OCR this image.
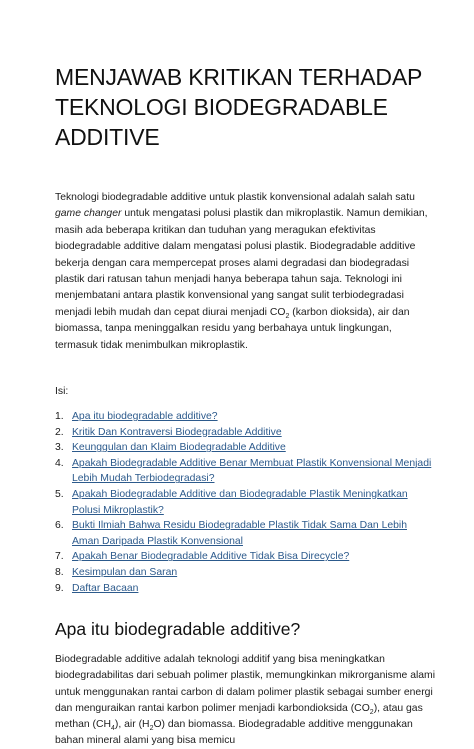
MENJAWAB KRITIKAN TERHADAP
TEKNOLOGI BIODEGRADABLE ADDITIVE

Teknologi biodegradable additive untuk plastik konvensional adalah salah satu game changer untuk mengatasi polusi plastik dan mikroplastik. Namun demikian, masih ada beberapa kritikan dan tuduhan yang meragukan efektivitas biodegradable additive dalam mengatasi polusi plastik. Biodegradable additive bekerja dengan cara mempercepat proses alami degradasi dan biodegradasi plastik dari ratusan tahun menjadi hanya beberapa tahun saja. Teknologi ini menjembatani antara plastik konvensional yang sangat sulit terbiodegradasi menjadi lebih mudah dan cepat diurai menjadi $CO_2$ (karbon dioksida), air dan biomassa, tanpa meninggalkan residu yang berbahaya untuk lingkungan, termasuk tidak menimbulkan mikroplastik.

Isi:
1. Apa itu biodegradable additive?
2. Kritik Dan Kontraversi Biodegradable Additive
3. Keunggulan dan Klaim Biodegradable Additive
4. Apakah Biodegradable Additive Benar Membuat Plastik Konvensional Menjadi Lebih Mudah Terbiodegradasi?
5. Apakah Biodegradable Additive dan Biodegradable Plastik Meningkatkan Polusi Mikroplastik?
6. Bukti Ilmiah Bahwa Residu Biodegradable Plastik Tidak Sama Dan Lebih Aman Daripada Plastik Konvensional
7. Apakah Benar Biodegradable Additive Tidak Bisa Direcycle?
8. Kesimpulan dan Saran
9. Daftar Bacaan
Apa itu biodegradable additive?

Biodegradable additive adalah teknologi additif yang bisa meningkatkan biodegradabilitas dari sebuah polimer plastik, memungkinkan mikrorganisme alami untuk menggunakan rantai carbon di dalam polimer plastik sebagai sumber energi dan menguraikan rantai karbon polimer menjadi karbondioksida $(CO_2)$, atau gas methan $(CH_4)$, air $(H_2O)$ dan biomassa. Biodegradable additive menggunakan bahan mineral alami yang bisa memicu
